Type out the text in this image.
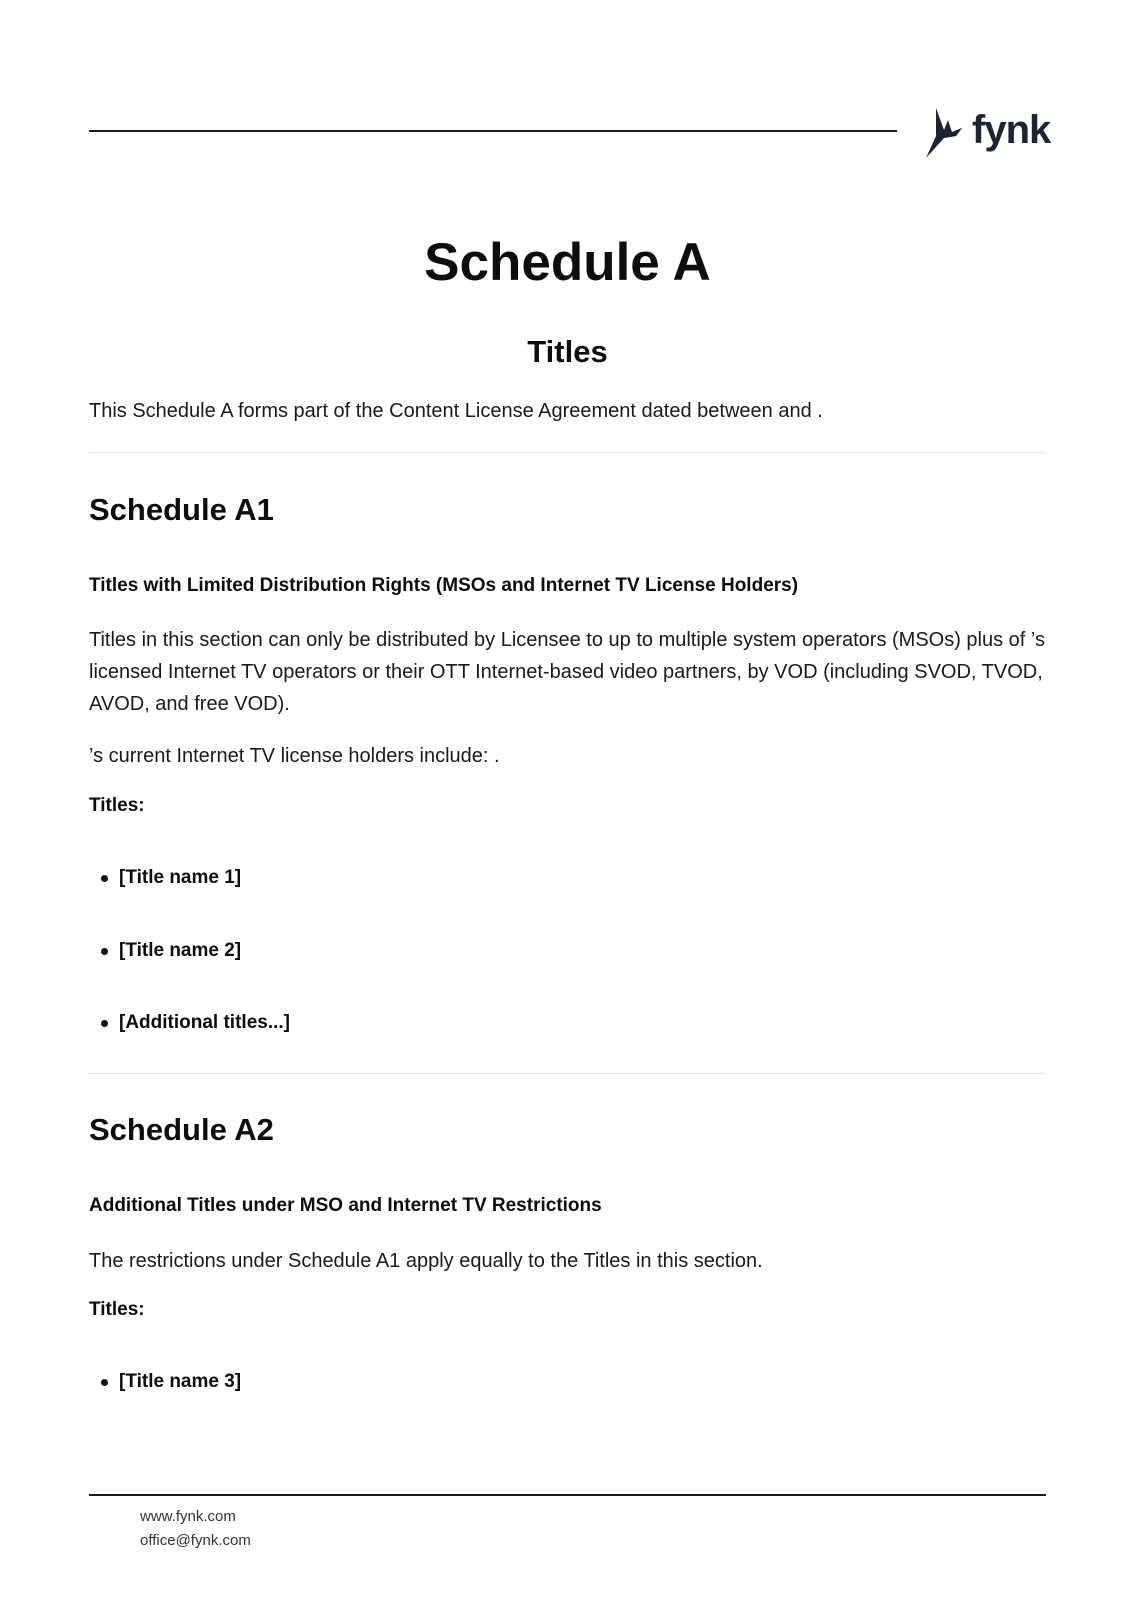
fynk
Schedule A
Titles

This Schedule A forms part of the Content License Agreement dated between and .

Schedule A1
Titles with Limited Distribution Rights (MSOs and Internet TV License Holders)

Titles in this section can only be distributed by Licensee to up to multiple system operators (MSOs) plus of ’s licensed Internet TV operators or their OTT Internet-based video partners, by VOD (including SVOD, TVOD, AVOD, and free VOD).

’s current Internet TV license holders include: .

Titles:
[Title name 1]
[Title name 2]
[Additional titles...]
Schedule A2
Additional Titles under MSO and Internet TV Restrictions

The restrictions under Schedule A1 apply equally to the Titles in this section.

Titles:
[Title name 3]
www.fynk.com
office@fynk.com
